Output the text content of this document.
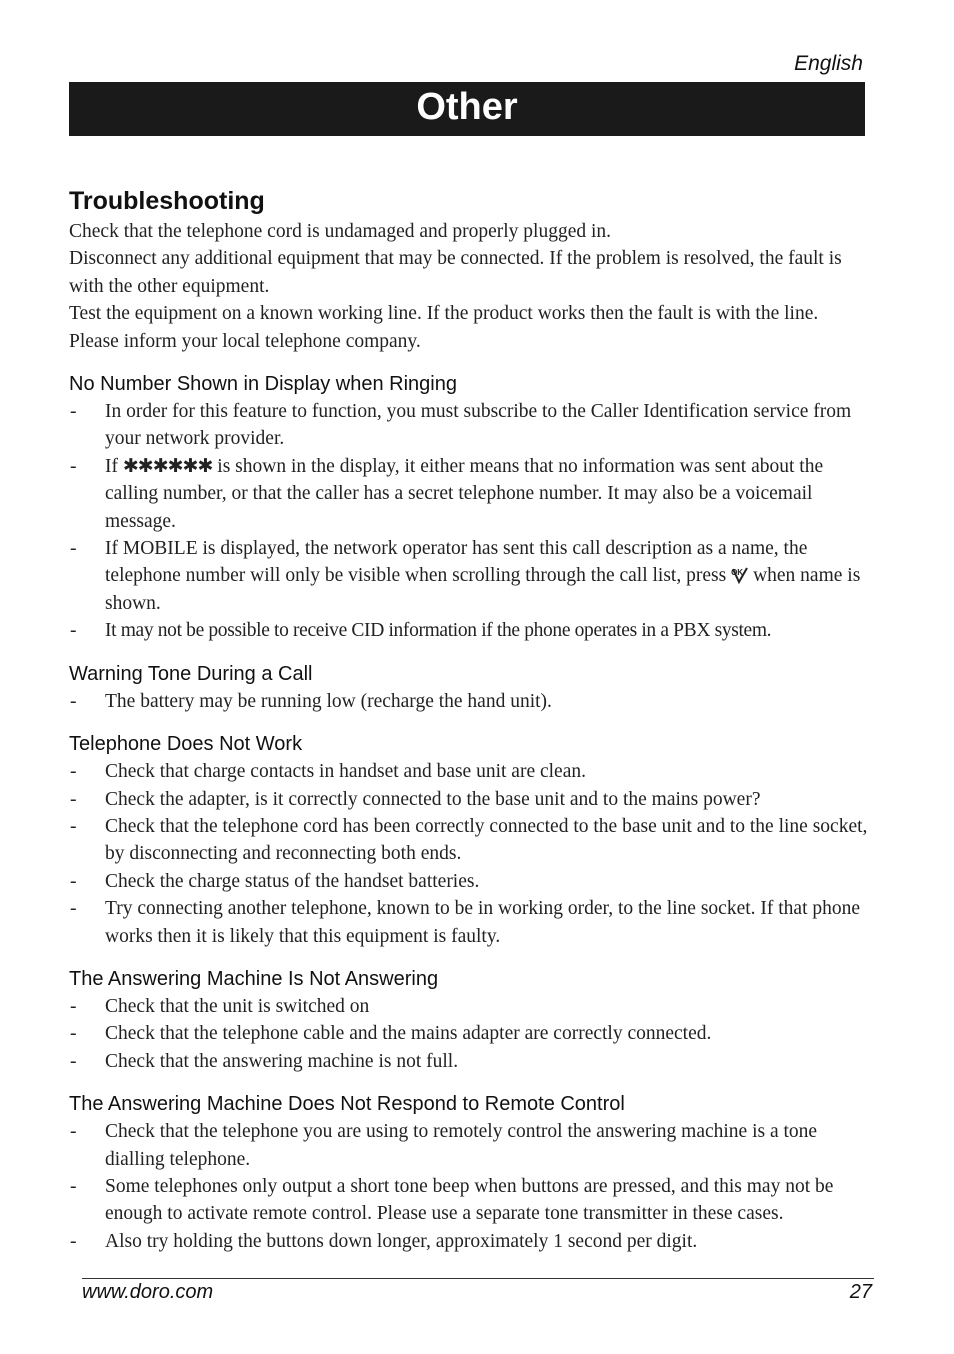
English
Other
Troubleshooting

Check that the telephone cord is undamaged and properly plugged in.

Disconnect any additional equipment that may be connected. If the problem is resolved, the fault is with the other equipment.

Test the equipment on a known working line. If the product works then the fault is with the line. Please inform your local telephone company.

No Number Shown in Display when Ringing
- In order for this feature to function, you must subscribe to the Caller Identification service from your network provider.
- If ✱✱✱✱✱✱ is shown in the display, it either means that no information was sent about the calling number, or that the caller has a secret telephone number. It may also be a voicemail message.
- If MOBILE is displayed, the network operator has sent this call description as a name, the telephone number will only be visible when scrolling through the call list, press OK when name is shown.
- It may not be possible to receive CID information if the phone operates in a PBX system.
Warning Tone During a Call
- The battery may be running low (recharge the hand unit).
Telephone Does Not Work
- Check that charge contacts in handset and base unit are clean.
- Check the adapter, is it correctly connected to the base unit and to the mains power?
- Check that the telephone cord has been correctly connected to the base unit and to the line socket, by disconnecting and reconnecting both ends.
- Check the charge status of the handset batteries.
- Try connecting another telephone, known to be in working order, to the line socket. If that phone works then it is likely that this equipment is faulty.
The Answering Machine Is Not Answering
- Check that the unit is switched on
- Check that the telephone cable and the mains adapter are correctly connected.
- Check that the answering machine is not full.
The Answering Machine Does Not Respond to Remote Control
- Check that the telephone you are using to remotely control the answering machine is a tone dialling telephone.
- Some telephones only output a short tone beep when buttons are pressed, and this may not be enough to activate remote control. Please use a separate tone transmitter in these cases.
- Also try holding the buttons down longer, approximately 1 second per digit.
www.doro.com	27
